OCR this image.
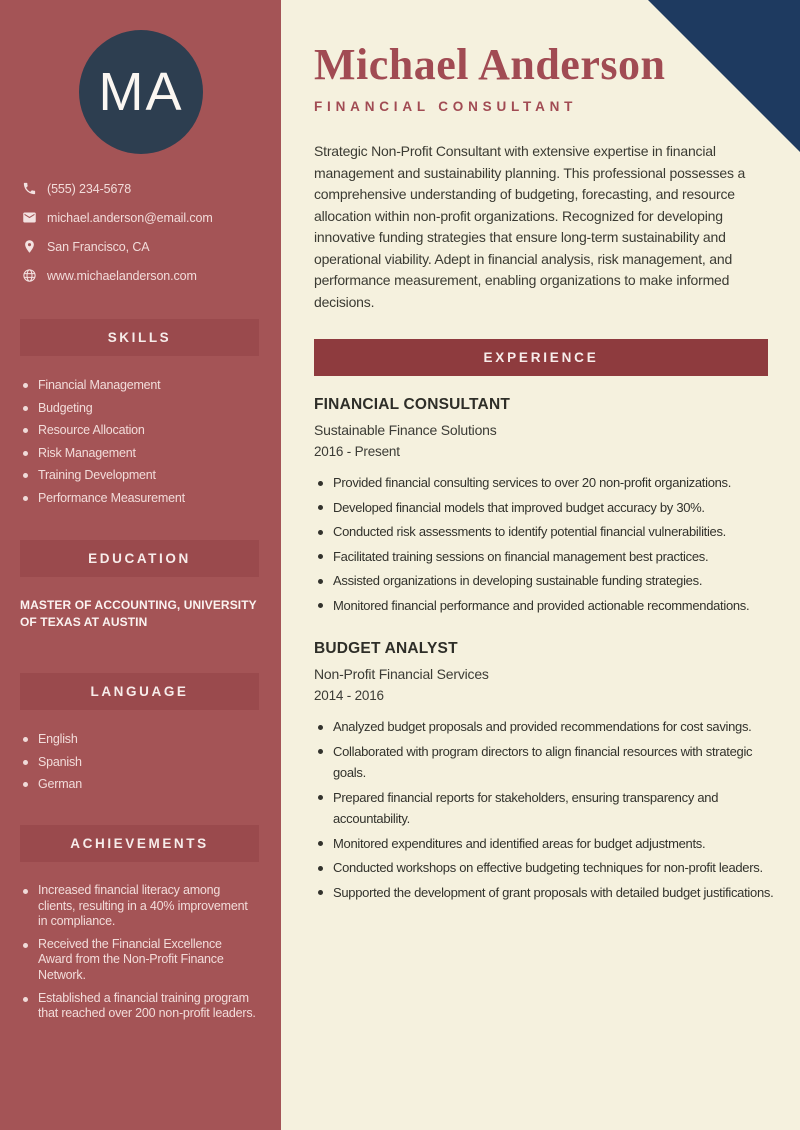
MA
(555) 234-5678
michael.anderson@email.com
San Francisco, CA
www.michaelanderson.com
SKILLS
Financial Management
Budgeting
Resource Allocation
Risk Management
Training Development
Performance Measurement
EDUCATION
MASTER OF ACCOUNTING, UNIVERSITY OF TEXAS AT AUSTIN
LANGUAGE
English
Spanish
German
ACHIEVEMENTS
Increased financial literacy among clients, resulting in a 40% improvement in compliance.
Received the Financial Excellence Award from the Non-Profit Finance Network.
Established a financial training program that reached over 200 non-profit leaders.
Michael Anderson
FINANCIAL CONSULTANT

Strategic Non-Profit Consultant with extensive expertise in financial management and sustainability planning. This professional possesses a comprehensive understanding of budgeting, forecasting, and resource allocation within non-profit organizations. Recognized for developing innovative funding strategies that ensure long-term sustainability and operational viability. Adept in financial analysis, risk management, and performance measurement, enabling organizations to make informed decisions.

EXPERIENCE
FINANCIAL CONSULTANT
Sustainable Finance Solutions
2016 - Present
Provided financial consulting services to over 20 non-profit organizations.
Developed financial models that improved budget accuracy by 30%.
Conducted risk assessments to identify potential financial vulnerabilities.
Facilitated training sessions on financial management best practices.
Assisted organizations in developing sustainable funding strategies.
Monitored financial performance and provided actionable recommendations.
BUDGET ANALYST
Non-Profit Financial Services
2014 - 2016
Analyzed budget proposals and provided recommendations for cost savings.
Collaborated with program directors to align financial resources with strategic goals.
Prepared financial reports for stakeholders, ensuring transparency and accountability.
Monitored expenditures and identified areas for budget adjustments.
Conducted workshops on effective budgeting techniques for non-profit leaders.
Supported the development of grant proposals with detailed budget justifications.
